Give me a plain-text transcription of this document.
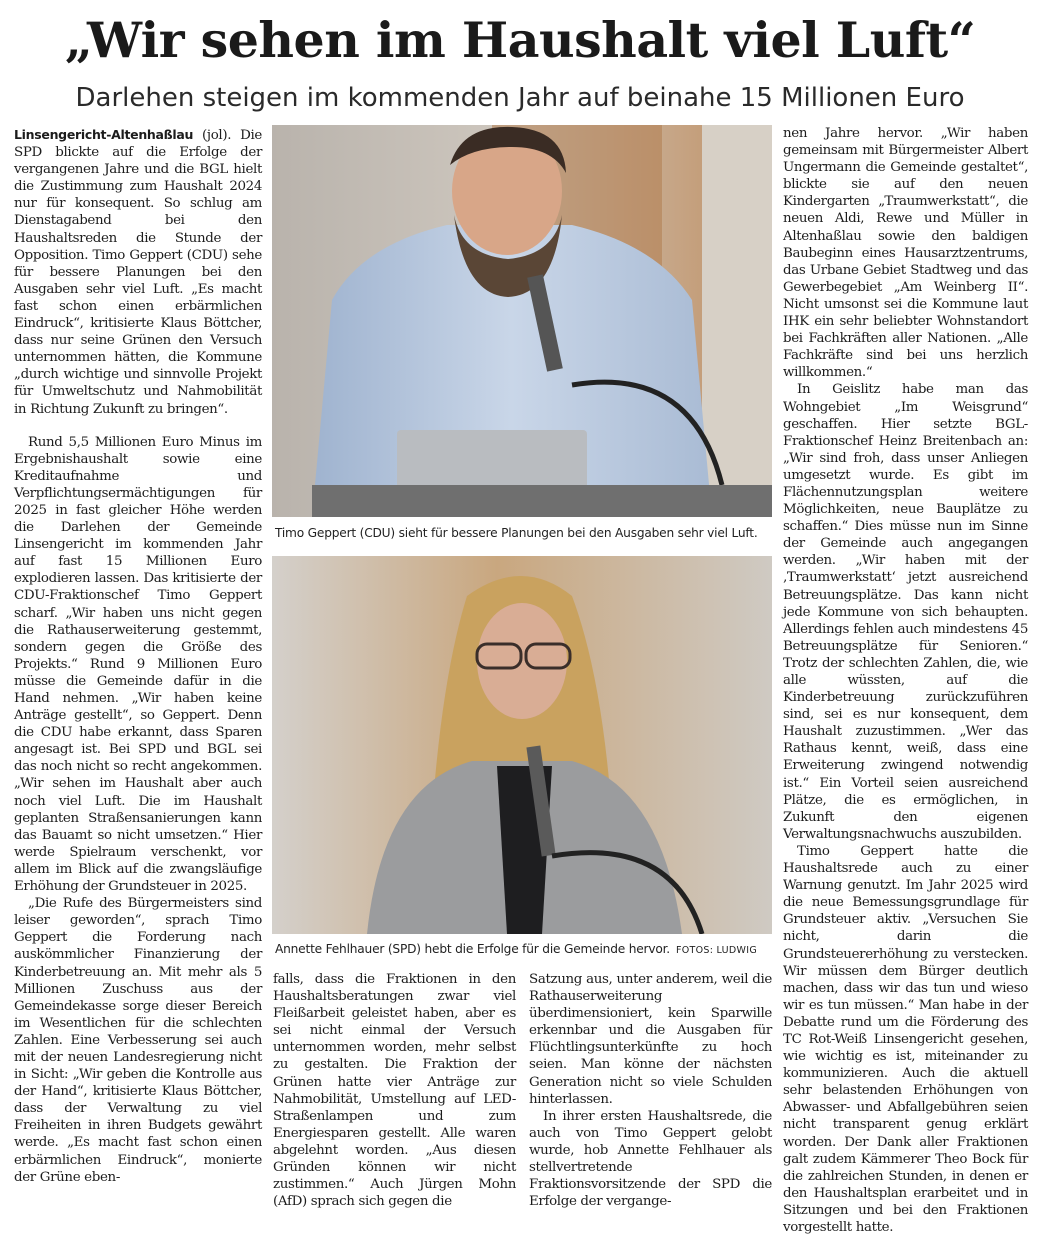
„Wir sehen im Haushalt viel Luft“
Darlehen steigen im kommenden Jahr auf beinahe 15 Millionen Euro

Linsengericht-Altenhaßlau (jol). Die SPD blickte auf die Erfolge der vergangenen Jahre und die BGL hielt die Zustimmung zum Haushalt 2024 nur für konsequent. So schlug am Dienstagabend bei den Haushaltsreden die Stunde der Opposition. Timo Geppert (CDU) sehe für bessere Planungen bei den Ausgaben sehr viel Luft. „Es macht fast schon einen erbärmlichen Eindruck“, kritisierte Klaus Böttcher, dass nur seine Grünen den Versuch unternommen hätten, die Kommune „durch wichtige und sinnvolle Projekt für Umweltschutz und Nahmobilität in Richtung Zukunft zu bringen“.

Rund 5,5 Millionen Euro Minus im Ergebnishaushalt sowie eine Kreditaufnahme und Verpflichtungsermächtigungen für 2025 in fast gleicher Höhe werden die Darlehen der Gemeinde Linsengericht im kommenden Jahr auf fast 15 Millionen Euro explodieren lassen. Das kritisierte der CDU-Fraktionschef Timo Geppert scharf. „Wir haben uns nicht gegen die Rathauserweiterung gestemmt, sondern gegen die Größe des Projekts.“ Rund 9 Millionen Euro müsse die Gemeinde dafür in die Hand nehmen. „Wir haben keine Anträge gestellt“, so Geppert. Denn die CDU habe erkannt, dass Sparen angesagt ist. Bei SPD und BGL sei das noch nicht so recht angekommen. „Wir sehen im Haushalt aber auch noch viel Luft. Die im Haushalt geplanten Straßensanierungen kann das Bauamt so nicht umsetzen.“ Hier werde Spielraum verschenkt, vor allem im Blick auf die zwangsläufige Erhöhung der Grundsteuer in 2025.

„Die Rufe des Bürgermeisters sind leiser geworden“, sprach Timo Geppert die Forderung nach auskömmlicher Finanzierung der Kinderbetreuung an. Mit mehr als 5 Millionen Zuschuss aus der Gemeindekasse sorge dieser Bereich im Wesentlichen für die schlechten Zahlen. Eine Verbesserung sei auch mit der neuen Landesregierung nicht in Sicht: „Wir geben die Kontrolle aus der Hand“, kritisierte Klaus Böttcher, dass der Verwaltung zu viel Freiheiten in ihren Budgets gewährt werde. „Es macht fast schon einen erbärmlichen Eindruck“, monierte der Grüne eben-

Timo Geppert (CDU) sieht für bessere Planungen bei den Ausgaben sehr viel Luft.
Annette Fehlhauer (SPD) hebt die Erfolge für die Gemeinde hervor. FOTOS: LUDWIG

falls, dass die Fraktionen in den Haushaltsberatungen zwar viel Fleißarbeit geleistet haben, aber es sei nicht einmal der Versuch unternommen worden, mehr selbst zu gestalten. Die Fraktion der Grünen hatte vier Anträge zur Nahmobilität, Umstellung auf LED-Straßenlampen und zum Energiesparen gestellt. Alle waren abgelehnt worden. „Aus diesen Gründen können wir nicht zustimmen.“ Auch Jürgen Mohn (AfD) sprach sich gegen die

Satzung aus, unter anderem, weil die Rathauserweiterung überdimensioniert, kein Sparwille erkennbar und die Ausgaben für Flüchtlingsunterkünfte zu hoch seien. Man könne der nächsten Generation nicht so viele Schulden hinterlassen.

In ihrer ersten Haushaltsrede, die auch von Timo Geppert gelobt wurde, hob Annette Fehlhauer als stellvertretende Fraktionsvorsitzende der SPD die Erfolge der vergange-

nen Jahre hervor. „Wir haben gemeinsam mit Bürgermeister Albert Ungermann die Gemeinde gestaltet“, blickte sie auf den neuen Kindergarten „Traumwerkstatt“, die neuen Aldi, Rewe und Müller in Altenhaßlau sowie den baldigen Baubeginn eines Hausarztzentrums, das Urbane Gebiet Stadtweg und das Gewerbegebiet „Am Weinberg II“. Nicht umsonst sei die Kommune laut IHK ein sehr beliebter Wohnstandort bei Fachkräften aller Nationen. „Alle Fachkräfte sind bei uns herzlich willkommen.“

In Geislitz habe man das Wohngebiet „Im Weisgrund“ geschaffen. Hier setzte BGL-Fraktionschef Heinz Breitenbach an: „Wir sind froh, dass unser Anliegen umgesetzt wurde. Es gibt im Flächennutzungsplan weitere Möglichkeiten, neue Bauplätze zu schaffen.“ Dies müsse nun im Sinne der Gemeinde auch angegangen werden. „Wir haben mit der ‚Traumwerkstatt‘ jetzt ausreichend Betreuungsplätze. Das kann nicht jede Kommune von sich behaupten. Allerdings fehlen auch mindestens 45 Betreuungsplätze für Senioren.“ Trotz der schlechten Zahlen, die, wie alle wüssten, auf die Kinderbetreuung zurückzuführen sind, sei es nur konsequent, dem Haushalt zuzustimmen. „Wer das Rathaus kennt, weiß, dass eine Erweiterung zwingend notwendig ist.“ Ein Vorteil seien ausreichend Plätze, die es ermöglichen, in Zukunft den eigenen Verwaltungsnachwuchs auszubilden.

Timo Geppert hatte die Haushaltsrede auch zu einer Warnung genutzt. Im Jahr 2025 wird die neue Bemessungsgrundlage für Grundsteuer aktiv. „Versuchen Sie nicht, darin die Grundsteuererhöhung zu verstecken. Wir müssen dem Bürger deutlich machen, dass wir das tun und wieso wir es tun müssen.“ Man habe in der Debatte rund um die Förderung des TC Rot-Weiß Linsengericht gesehen, wie wichtig es ist, miteinander zu kommunizieren. Auch die aktuell sehr belastenden Erhöhungen von Abwasser- und Abfallgebühren seien nicht transparent genug erklärt worden. Der Dank aller Fraktionen galt zudem Kämmerer Theo Bock für die zahlreichen Stunden, in denen er den Haushaltsplan erarbeitet und in Sitzungen und bei den Fraktionen vorgestellt hatte.
